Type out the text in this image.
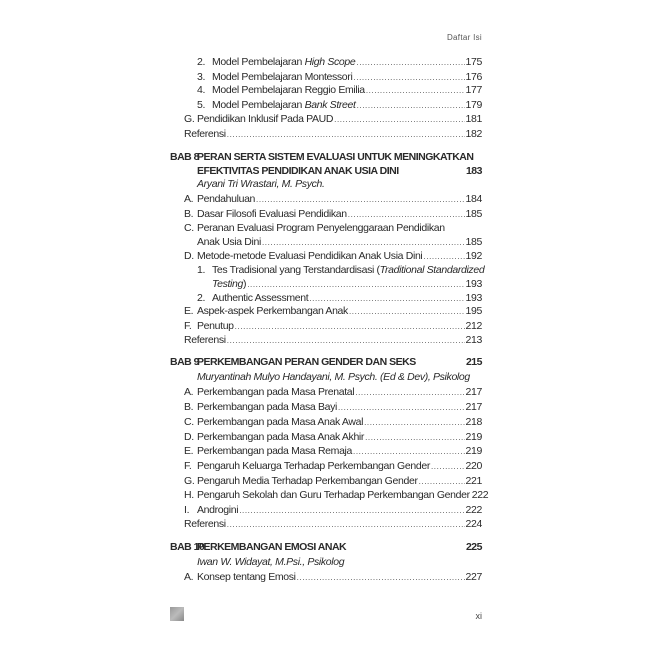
Daftar Isi
2. Model Pembelajaran High Scope .....	175
3. Model Pembelajaran Montessori .....	176
4. Model Pembelajaran Reggio Emilia .....	177
5. Model Pembelajaran Bank Street .....	179
G. Pendidikan Inklusif Pada PAUD .....	181
Referensi .....	182
BAB 8
PERAN SERTA SISTEM EVALUASI UNTUK MENINGKATKAN
EFEKTIVITAS PENDIDIKAN ANAK USIA DINI	183
Aryani Tri Wrastari, M. Psych.
A. Pendahuluan .....	184
B. Dasar Filosofi Evaluasi Pendidikan .....	185
C. Peranan Evaluasi Program Penyelenggaraan Pendidikan
Anak Usia Dini .....	185
D. Metode-metode Evaluasi Pendidikan Anak Usia Dini .....	192
1. Tes Tradisional yang Terstandardisasi (Traditional Standardized
Testing) .....	193
2. Authentic Assessment .....	193
E. Aspek-aspek Perkembangan Anak .....	195
F. Penutup .....	212
Referensi .....	213
BAB 9
PERKEMBANGAN PERAN GENDER DAN SEKS	215
Muryantinah Mulyo Handayani, M. Psych. (Ed & Dev), Psikolog
A. Perkembangan pada Masa Prenatal .....	217
B. Perkembangan pada Masa Bayi .....	217
C. Perkembangan pada Masa Anak Awal .....	218
D. Perkembangan pada Masa Anak Akhir .....	219
E. Perkembangan pada Masa Remaja .....	219
F. Pengaruh Keluarga Terhadap Perkembangan Gender .....	220
G. Pengaruh Media Terhadap Perkembangan Gender .....	221
H. Pengaruh Sekolah dan Guru Terhadap Perkembangan Gender 222
I. Androgini .....	222
Referensi .....	224
BAB 10
PERKEMBANGAN EMOSI ANAK	225
Iwan W. Widayat, M.Psi., Psikolog
A. Konsep tentang Emosi .....	227
xi
